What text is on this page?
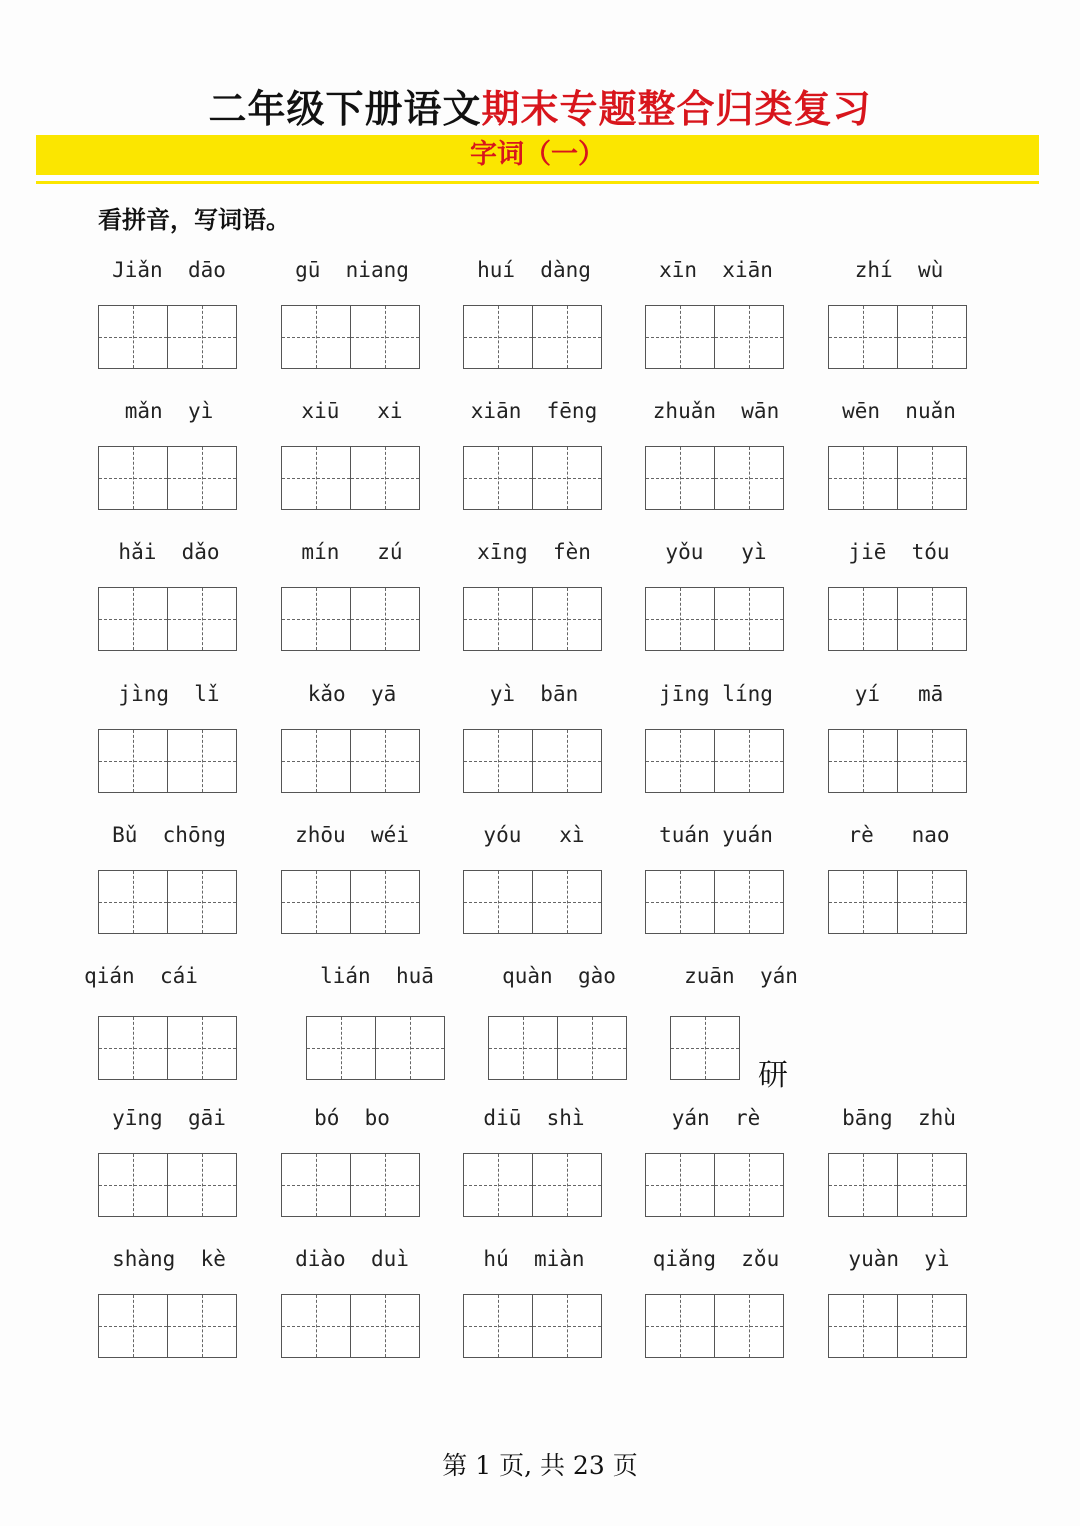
二年级下册语文期末专题整合归类复习
字词（一）
看拼音，写词语。
Jiǎn  dāo	gū  niang	huí  dàng	xīn  xiān	zhí  wù
mǎn  yì	xiū   xi	xiān  fēng	zhuǎn  wān	wēn  nuǎn
hǎi  dǎo	mín   zú	xīng  fèn	yǒu   yì	jiē  tóu
jìng  lǐ	kǎo  yā	yì  bān	jīng líng	yí   mā
Bǔ  chōng	zhōu  wéi	yóu   xì	tuán yuán	rè   nao
qián  cái	lián  huā	quàn  gào	zuān  yán
yīng  gāi	bó  bo	diū  shì	yán  rè	bāng  zhù
shàng  kè	diào  duì	hú  miàn	qiǎng  zǒu	yuàn  yì
研
第 1 页, 共 23 页
